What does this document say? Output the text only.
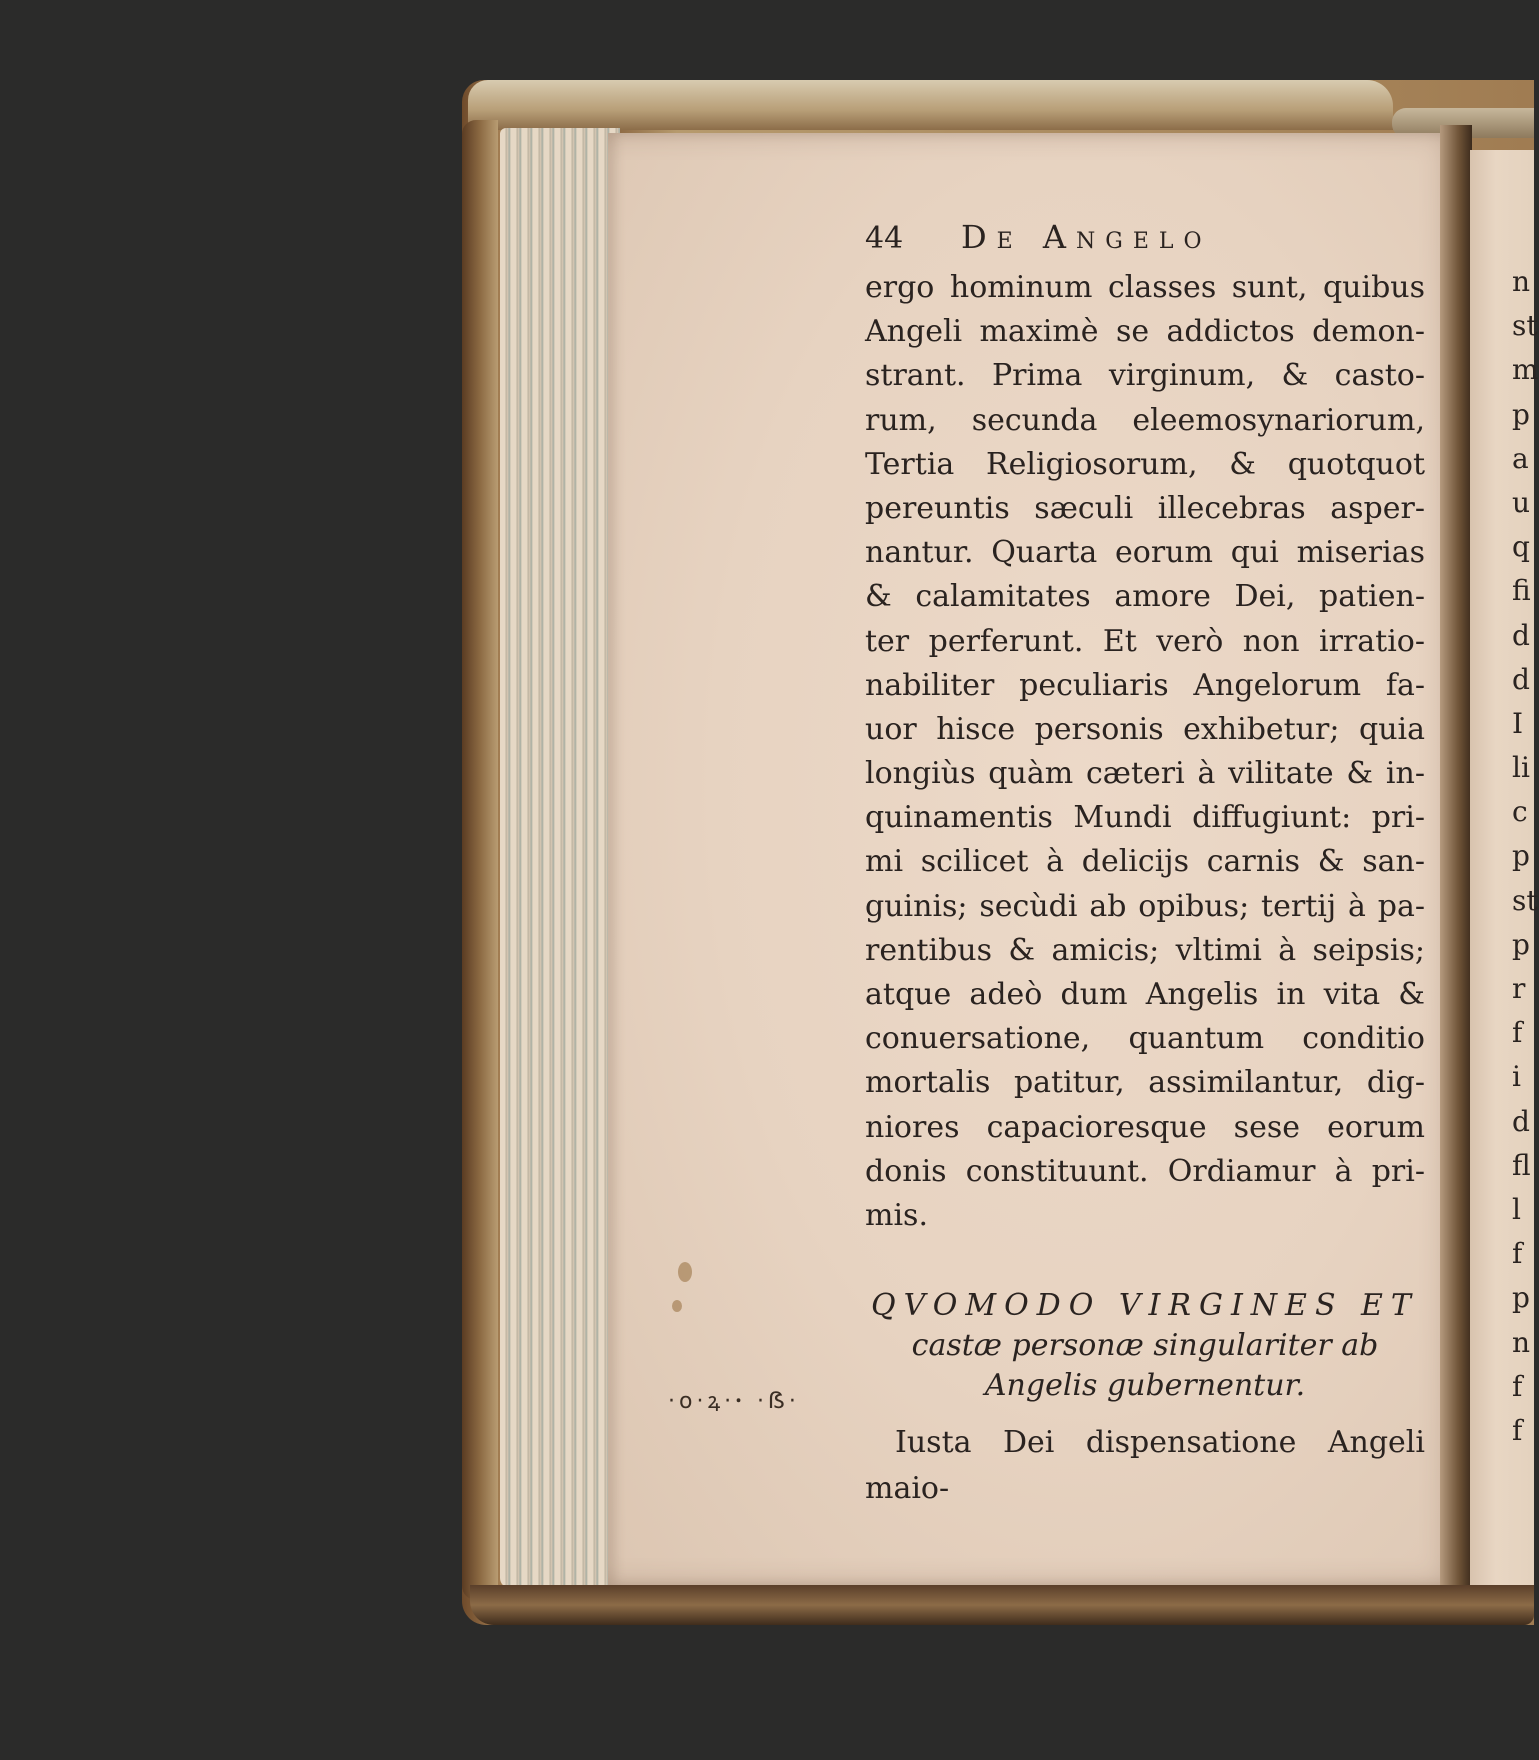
·o·ꝝ·ꞏ ·ẞ·
44	De Angelo
ergo hominum classes sunt, quibus
Angeli maximè se addictos demon-
strant. Prima virginum, & casto-
rum, secunda eleemosynariorum,
Tertia Religiosorum, & quotquot
pereuntis sæculi illecebras asper-
nantur. Quarta eorum qui miserias
& calamitates amore Dei, patien-
ter perferunt. Et verò non irratio-
nabiliter peculiaris Angelorum fa-
uor hisce personis exhibetur; quia
longiùs quàm cæteri à vilitate & in-
quinamentis Mundi diffugiunt: pri-
mi scilicet à delicijs carnis & san-
guinis; secùdi ab opibus; tertij à pa-
rentibus & amicis; vltimi à seipsis;
atque adeò dum Angelis in vita &
conuersatione, quantum conditio
mortalis patitur, assimilantur, dig-
niores capacioresque sese eorum
donis constituunt. Ordiamur à pri-
mis.
QVOMODO VIRGINES ET
castæ personæ singulariter ab
Angelis gubernentur.
Iusta Dei dispensatione Angeli
maio-
n
st
m
p
a
u
q
fi
d
d
I
li
c
p
st
p
r
f
i
d
fl
l
f
p
n
f
f
